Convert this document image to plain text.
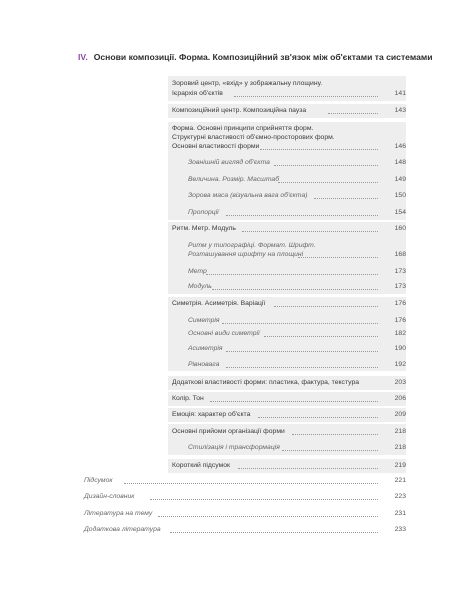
IV. Основи композиції. Форма. Композиційний зв'язок між об'єктами та системами
Зоровий центр, «вхід» у зображальну площину.
Ієрархія об'єктів	141
Композиційний центр. Композиційна пауза	143
Форма. Основні принципи сприйняття форм.
Структурні властивості об'ємно-просторових форм.
Основні властивості форми	146
Зовнішній вигляд об'єкта	148
Величина. Розмір. Масштаб	149
Зорова маса (візуальна вага об'єкта)	150
Пропорції	154
Ритм. Метр. Модуль	160
Ритм у типографіці. Формат. Шрифт.
Розташування шрифту на площині	168
Метр	173
Модуль	173
Симетрія. Асиметрія. Варіації	176
Симетрія	176
Основні види симетрії	182
Асиметрія	190
Рівновага	192
Додаткові властивості форми: пластика, фактура, текстура	203
Колір. Тон	206
Емоція: характер об'єкта	209
Основні прийоми організації форми	218
Стилізація і трансформація	218
Короткий підсумок	219
Підсумок	221
Дизайн-словник	223
Література на тему	231
Додаткова література	233
